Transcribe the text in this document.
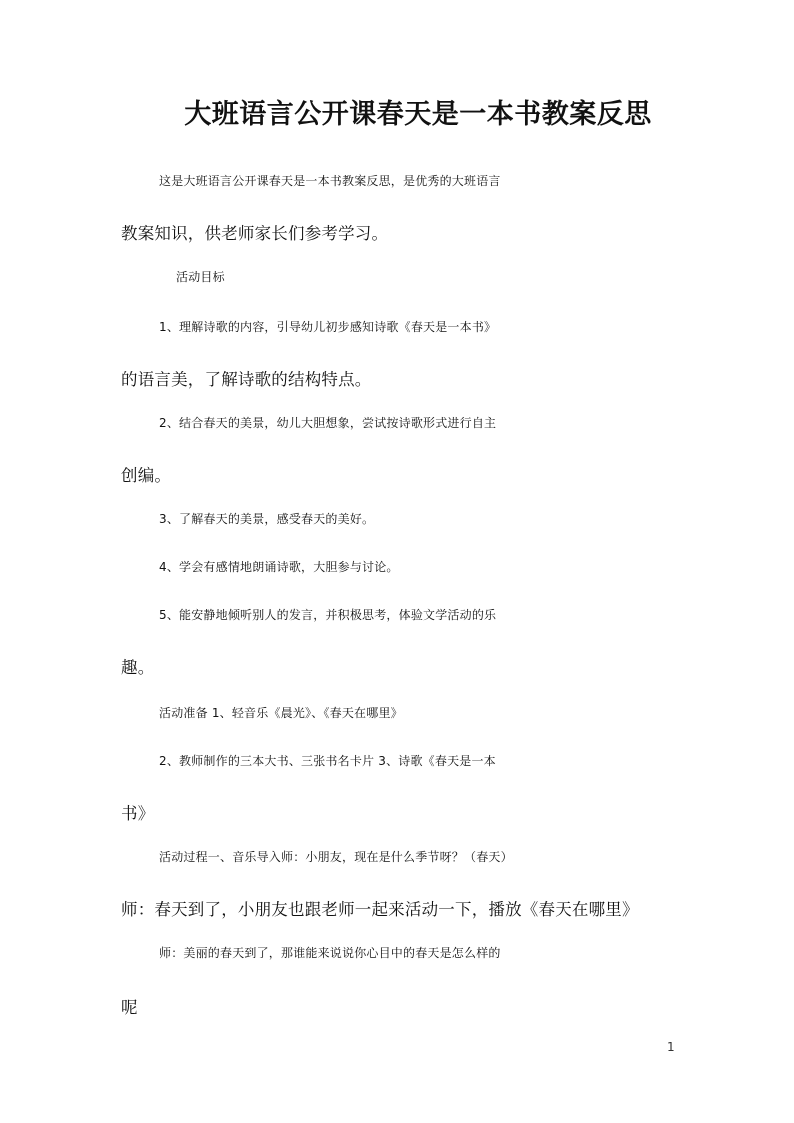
大班语言公开课春天是一本书教案反思
这是大班语言公开课春天是一本书教案反思，是优秀的大班语言
教案知识，供老师家长们参考学习。
活动目标
1、理解诗歌的内容，引导幼儿初步感知诗歌《春天是一本书》
的语言美，了解诗歌的结构特点。
2、结合春天的美景，幼儿大胆想象，尝试按诗歌形式进行自主
创编。
3、了解春天的美景，感受春天的美好。
4、学会有感情地朗诵诗歌，大胆参与讨论。
5、能安静地倾听别人的发言，并积极思考，体验文学活动的乐
趣。
活动准备 1、轻音乐《晨光》、《春天在哪里》
2、教师制作的三本大书、三张书名卡片 3、诗歌《春天是一本
书》
活动过程一、音乐导入师：小朋友，现在是什么季节呀？（春天）
师：春天到了，小朋友也跟老师一起来活动一下，播放《春天在哪里》
师：美丽的春天到了，那谁能来说说你心目中的春天是怎么样的
呢
1
